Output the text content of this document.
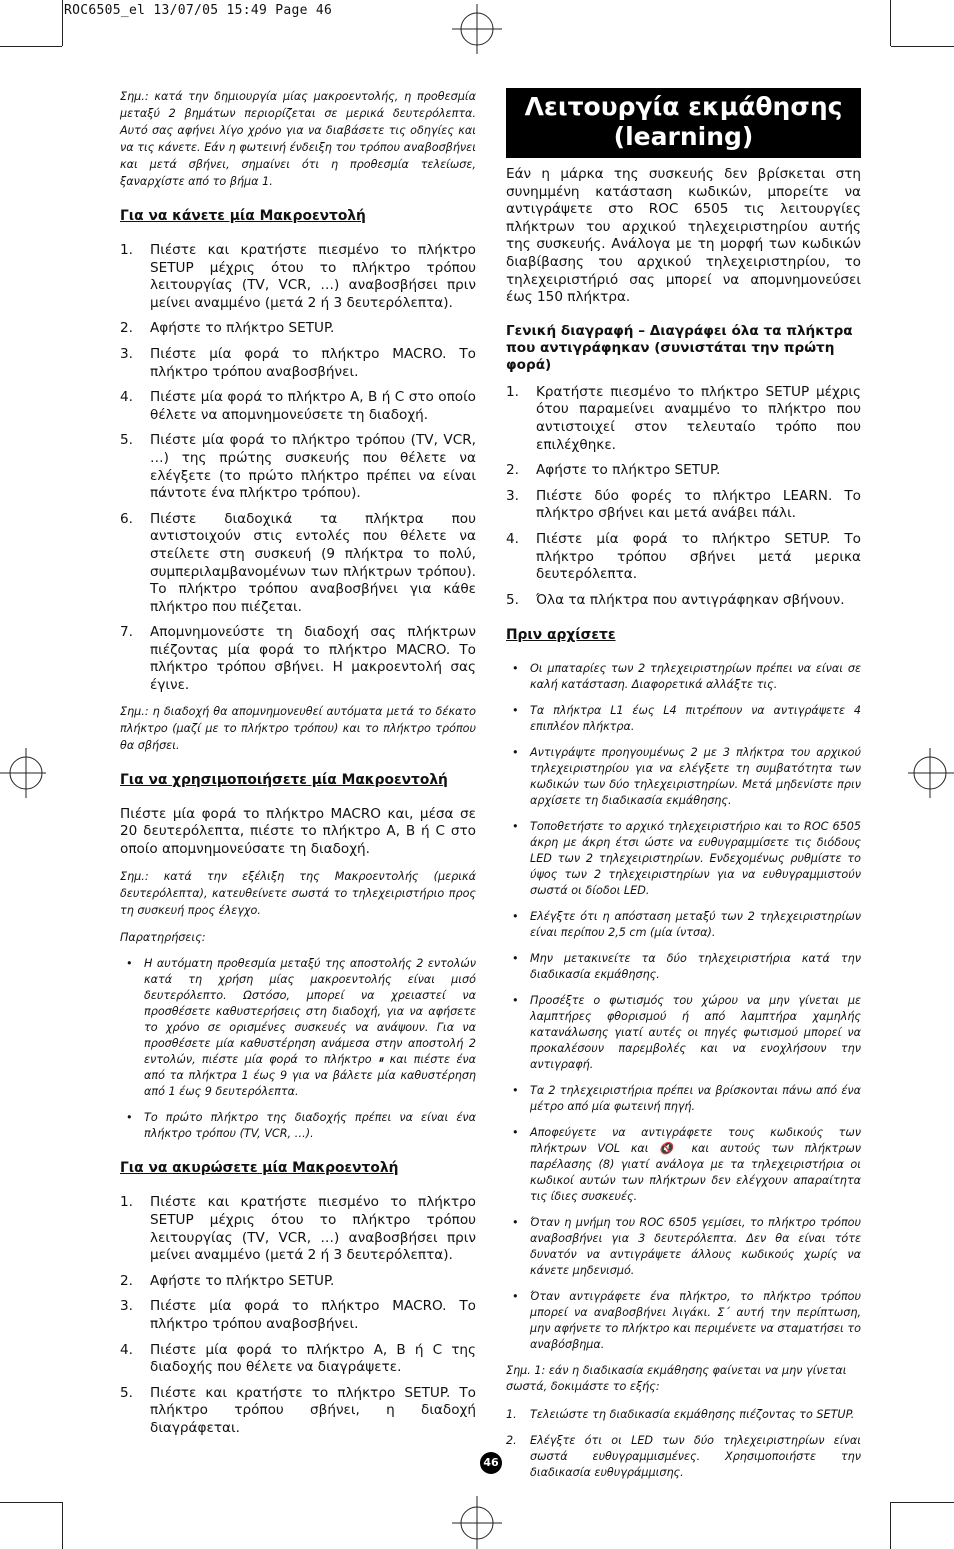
ROC6505_el 13/07/05 15:49 Page 46

Σημ.: κατά την δημιουργία μίας μακροεντολής, η προθεσμία μεταξύ 2 βημάτων περιορίζεται σε μερικά δευτερόλεπτα. Αυτό σας αφήνει λίγο χρόνο για να διαβάσετε τις οδηγίες και να τις κάνετε. Εάν η φωτεινή ένδειξη του τρόπου αναβοσβήνει και μετά σβήνει, σημαίνει ότι η προθεσμία τελείωσε, ξαναρχίστε από το βήμα 1.

Για να κάνετε μία Μακροεντολή
1. Πιέστε και κρατήστε πιεσμένο το πλήκτρο SETUP μέχρις ότου το πλήκτρο τρόπου λειτουργίας (TV, VCR, …) αναβοσβήσει πριν μείνει αναμμένο (μετά 2 ή 3 δευτερόλεπτα).
2. Αφήστε το πλήκτρο SETUP.
3. Πιέστε μία φορά το πλήκτρο MACRO. Το πλήκτρο τρόπου αναβοσβήνει.
4. Πιέστε μία φορά το πλήκτρο A, B ή C στο οποίο θέλετε να απομνημονεύσετε τη διαδοχή.
5. Πιέστε μία φορά το πλήκτρο τρόπου (TV, VCR, …) της πρώτης συσκευής που θέλετε να ελέγξετε (το πρώτο πλήκτρο πρέπει να είναι πάντοτε ένα πλήκτρο τρόπου).
6. Πιέστε διαδοχικά τα πλήκτρα που αντιστοιχούν στις εντολές που θέλετε να στείλετε στη συσκευή (9 πλήκτρα το πολύ, συμπεριλαμβανομένων των πλήκτρων τρόπου). Το πλήκτρο τρόπου αναβοσβήνει για κάθε πλήκτρο που πιέζεται.
7. Απομνημονεύστε τη διαδοχή σας πλήκτρων πιέζοντας μία φορά το πλήκτρο MACRO. Το πλήκτρο τρόπου σβήνει. Η μακροεντολή σας έγινε.

Σημ.: η διαδοχή θα απομνημονευθεί αυτόματα μετά το δέκατο πλήκτρο (μαζί με το πλήκτρο τρόπου) και το πλήκτρο τρόπου θα σβήσει.

Για να χρησιμοποιήσετε μία Μακροεντολή

Πιέστε μία φορά το πλήκτρο MACRO και, μέσα σε 20 δευτερόλεπτα, πιέστε το πλήκτρο A, B ή C στο οποίο απομνημονεύσατε τη διαδοχή.

Σημ.: κατά την εξέλιξη της Μακροεντολής (μερικά δευτερόλεπτα), κατευθείνετε σωστά το τηλεχειριστήριο προς τη συσκευή προς έλεγχο.

Παρατηρήσεις:

• Η αυτόματη προθεσμία μεταξύ της αποστολής 2 εντολών κατά τη χρήση μίας μακροεντολής είναι μισό δευτερόλεπτο. Ωστόσο, μπορεί να χρειαστεί να προσθέσετε καθυστερήσεις στη διαδοχή, για να αφήσετε το χρόνο σε ορισμένες συσκευές να ανάψουν. Για να προσθέσετε μία καθυστέρηση ανάμεσα στην αποστολή 2 εντολών, πιέστε μία φορά το πλήκτρο ⏸ και πιέστε ένα από τα πλήκτρα 1 έως 9 για να βάλετε μία καθυστέρηση από 1 έως 9 δευτερόλεπτα.
• Το πρώτο πλήκτρο της διαδοχής πρέπει να είναι ένα πλήκτρο τρόπου (TV, VCR, …).
Για να ακυρώσετε μία Μακροεντολή
1. Πιέστε και κρατήστε πιεσμένο το πλήκτρο SETUP μέχρις ότου το πλήκτρο τρόπου λειτουργίας (TV, VCR, …) αναβοσβήσει πριν μείνει αναμμένο (μετά 2 ή 3 δευτερόλεπτα).
2. Αφήστε το πλήκτρο SETUP.
3. Πιέστε μία φορά το πλήκτρο MACRO. Το πλήκτρο τρόπου αναβοσβήνει.
4. Πιέστε μία φορά το πλήκτρο A, B ή C της διαδοχής που θέλετε να διαγράψετε.
5. Πιέστε και κρατήστε το πλήκτρο SETUP. Το πλήκτρο τρόπου σβήνει, η διαδοχή διαγράφεται.
Λειτουργία εκμάθησης
(learning)

Εάν η μάρκα της συσκευής δεν βρίσκεται στη συνημμένη κατάσταση κωδικών, μπορείτε να αντιγράψετε στο ROC 6505 τις λειτουργίες πλήκτρων του αρχικού τηλεχειριστηρίου αυτής της συσκευής. Ανάλογα με τη μορφή των κωδικών διαβίβασης του αρχικού τηλεχειριστηρίου, το τηλεχειριστήριό σας μπορεί να απομνημονεύσει έως 150 πλήκτρα.

Γενική διαγραφή – Διαγράφει όλα τα πλήκτρα που αντιγράφηκαν (συνιστάται την πρώτη φορά)
1. Κρατήστε πιεσμένο το πλήκτρο SETUP μέχρις ότου παραμείνει αναμμένο το πλήκτρο που αντιστοιχεί στον τελευταίο τρόπο που επιλέχθηκε.
2. Αφήστε το πλήκτρο SETUP.
3. Πιέστε δύο φορές το πλήκτρο LEARN. Το πλήκτρο σβήνει και μετά ανάβει πάλι.
4. Πιέστε μία φορά το πλήκτρο SETUP. Το πλήκτρο τρόπου σβήνει μετά μερικα δευτερόλεπτα.
5. Όλα τα πλήκτρα που αντιγράφηκαν σβήνουν.
Πριν αρχίσετε
• Οι μπαταρίες των 2 τηλεχειριστηρίων πρέπει να είναι σε καλή κατάσταση. Διαφορετικά αλλάξτε τις.
• Τα πλήκτρα L1 έως L4 πιτρέπουν να αντιγράψετε 4 επιπλέον πλήκτρα.
• Αντιγράψτε προηγουμένως 2 με 3 πλήκτρα του αρχικού τηλεχειριστηρίου για να ελέγξετε τη συμβατότητα των κωδικών των δύο τηλεχειριστηρίων. Μετά μηδενίστε πριν αρχίσετε τη διαδικασία εκμάθησης.
• Τοποθετήστε το αρχικό τηλεχειριστήριο και το ROC 6505 άκρη με άκρη έτσι ώστε να ευθυγραμμίσετε τις διόδους LED των 2 τηλεχειριστηρίων. Ενδεχομένως ρυθμίστε το ύψος των 2 τηλεχειριστηρίων για να ευθυγραμμιστούν σωστά οι δίοδοι LED.
• Ελέγξτε ότι η απόσταση μεταξύ των 2 τηλεχειριστηρίων είναι περίπου 2,5 cm (μία ίντσα).
• Μην μετακινείτε τα δύο τηλεχειριστήρια κατά την διαδικασία εκμάθησης.
• Προσέξτε ο φωτισμός του χώρου να μην γίνεται με λαμπτήρες φθορισμού ή από λαμπτήρα χαμηλής κατανάλωσης γιατί αυτές οι πηγές φωτισμού μπορεί να προκαλέσουν παρεμβολές και να ενοχλήσουν την αντιγραφή.
• Τα 2 τηλεχειριστήρια πρέπει να βρίσκονται πάνω από ένα μέτρο από μία φωτεινή πηγή.
• Αποφεύγετε να αντιγράφετε τους κωδικούς των πλήκτρων VOL και 🔇 και αυτούς των πλήκτρων παρέλασης (8) γιατί ανάλογα με τα τηλεχειριστήρια οι κωδικοί αυτών των πλήκτρων δεν ελέγχουν απαραίτητα τις ίδιες συσκευές.
• Όταν η μνήμη του ROC 6505 γεμίσει, το πλήκτρο τρόπου αναβοσβήνει για 3 δευτερόλεπτα. Δεν θα είναι τότε δυνατόν να αντιγράψετε άλλους κωδικούς χωρίς να κάνετε μηδενισμό.
• Όταν αντιγράφετε ένα πλήκτρο, το πλήκτρο τρόπου μπορεί να αναβοσβήνει λιγάκι. Σ΄ αυτή την περίπτωση, μην αφήνετε το πλήκτρο και περιμένετε να σταματήσει το αναβόσβημα.

Σημ. 1: εάν η διαδικασία εκμάθησης φαίνεται να μην γίνεται σωστά, δοκιμάστε το εξής:

1. Τελειώστε τη διαδικασία εκμάθησης πιέζοντας το SETUP.
2. Ελέγξτε ότι οι LED των δύο τηλεχειριστηρίων είναι σωστά ευθυγραμμισμένες. Χρησιμοποιήστε την διαδικασία ευθυγράμμισης.
46
